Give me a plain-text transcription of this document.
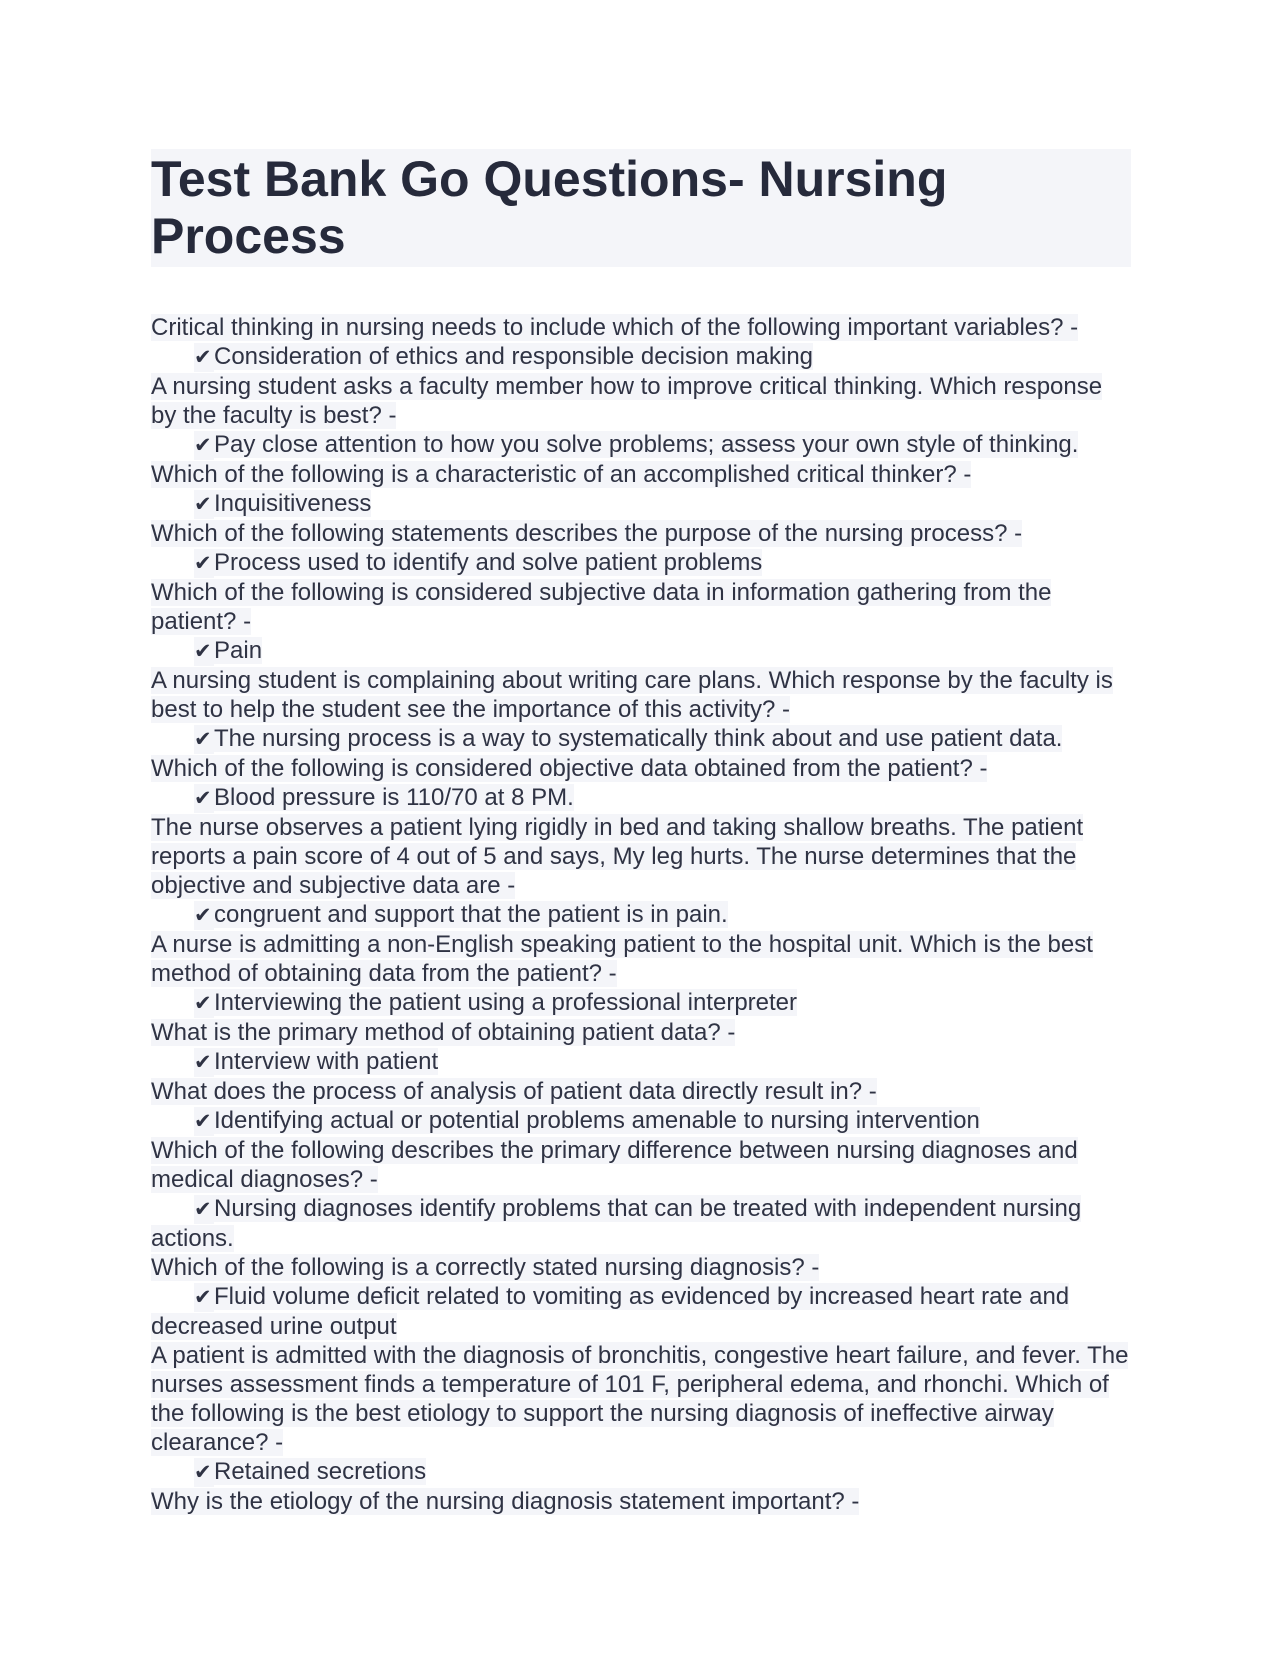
Test Bank Go Questions- Nursing Process

Critical thinking in nursing needs to include which of the following important variables? -

✔Consideration of ethics and responsible decision making

A nursing student asks a faculty member how to improve critical thinking. Which response by the faculty is best? -

✔Pay close attention to how you solve problems; assess your own style of thinking.

Which of the following is a characteristic of an accomplished critical thinker? -

✔Inquisitiveness

Which of the following statements describes the purpose of the nursing process? -

✔Process used to identify and solve patient problems

Which of the following is considered subjective data in information gathering from the patient? -

✔Pain

A nursing student is complaining about writing care plans. Which response by the faculty is best to help the student see the importance of this activity? -

✔The nursing process is a way to systematically think about and use patient data.

Which of the following is considered objective data obtained from the patient? -

✔Blood pressure is 110/70 at 8 PM.

The nurse observes a patient lying rigidly in bed and taking shallow breaths. The patient reports a pain score of 4 out of 5 and says, My leg hurts. The nurse determines that the objective and subjective data are -

✔congruent and support that the patient is in pain.

A nurse is admitting a non-English speaking patient to the hospital unit. Which is the best method of obtaining data from the patient? -

✔Interviewing the patient using a professional interpreter

What is the primary method of obtaining patient data? -

✔Interview with patient

What does the process of analysis of patient data directly result in? -

✔Identifying actual or potential problems amenable to nursing intervention

Which of the following describes the primary difference between nursing diagnoses and medical diagnoses? -

✔Nursing diagnoses identify problems that can be treated with independent nursing actions.

Which of the following is a correctly stated nursing diagnosis? -

✔Fluid volume deficit related to vomiting as evidenced by increased heart rate and decreased urine output

A patient is admitted with the diagnosis of bronchitis, congestive heart failure, and fever. The nurses assessment finds a temperature of 101 F, peripheral edema, and rhonchi. Which of the following is the best etiology to support the nursing diagnosis of ineffective airway clearance? -

✔Retained secretions

Why is the etiology of the nursing diagnosis statement important? -
